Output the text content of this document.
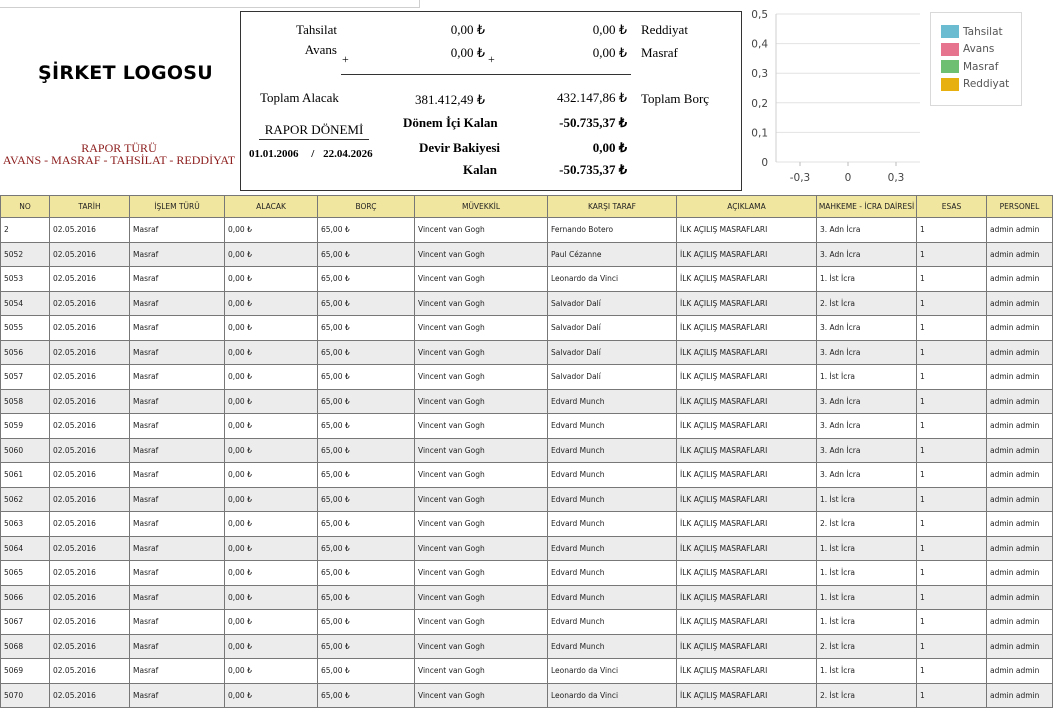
ŞİRKET LOGOSU
RAPOR TÜRÜ
AVANS - MASRAF - TAHSİLAT - REDDİYAT
Tahsilat	0,00 ₺	0,00 ₺ Reddiyat
Avans	0,00 ₺	0,00 ₺ Masraf
+	+
Toplam Alacak	381.412,49 ₺	432.147,86 ₺ Toplam Borç
Dönem İçi Kalan	-50.735,37 ₺
RAPOR DÖNEMİ
Devir Bakiyesi	0,00 ₺
01.01.2006 / 22.04.2026
Kalan	-50.735,37 ₺
0,5
0,4
0,3
0,2
0,1
0
-0,3	0	0,3
Tahsilat
Avans
Masraf
Reddiyat
NO	TARİH	İŞLEM TÜRÜ	ALACAK	BORÇ	MÜVEKKİL	KARŞI TARAF	AÇIKLAMA	MAHKEME - İCRA DAİRESİ	ESAS	PERSONEL
2	02.05.2016	Masraf	0,00 ₺	65,00 ₺	Vincent van Gogh	Fernando Botero	İLK AÇILIŞ MASRAFLARI	3. Adn İcra	1	admin admin
5052	02.05.2016	Masraf	0,00 ₺	65,00 ₺	Vincent van Gogh	Paul Cézanne	İLK AÇILIŞ MASRAFLARI	3. Adn İcra	1	admin admin
5053	02.05.2016	Masraf	0,00 ₺	65,00 ₺	Vincent van Gogh	Leonardo da Vinci	İLK AÇILIŞ MASRAFLARI	1. İst İcra	1	admin admin
5054	02.05.2016	Masraf	0,00 ₺	65,00 ₺	Vincent van Gogh	Salvador Dalí	İLK AÇILIŞ MASRAFLARI	2. İst İcra	1	admin admin
5055	02.05.2016	Masraf	0,00 ₺	65,00 ₺	Vincent van Gogh	Salvador Dalí	İLK AÇILIŞ MASRAFLARI	3. Adn İcra	1	admin admin
5056	02.05.2016	Masraf	0,00 ₺	65,00 ₺	Vincent van Gogh	Salvador Dalí	İLK AÇILIŞ MASRAFLARI	3. Adn İcra	1	admin admin
5057	02.05.2016	Masraf	0,00 ₺	65,00 ₺	Vincent van Gogh	Salvador Dalí	İLK AÇILIŞ MASRAFLARI	1. İst İcra	1	admin admin
5058	02.05.2016	Masraf	0,00 ₺	65,00 ₺	Vincent van Gogh	Edvard Munch	İLK AÇILIŞ MASRAFLARI	3. Adn İcra	1	admin admin
5059	02.05.2016	Masraf	0,00 ₺	65,00 ₺	Vincent van Gogh	Edvard Munch	İLK AÇILIŞ MASRAFLARI	3. Adn İcra	1	admin admin
5060	02.05.2016	Masraf	0,00 ₺	65,00 ₺	Vincent van Gogh	Edvard Munch	İLK AÇILIŞ MASRAFLARI	3. Adn İcra	1	admin admin
5061	02.05.2016	Masraf	0,00 ₺	65,00 ₺	Vincent van Gogh	Edvard Munch	İLK AÇILIŞ MASRAFLARI	3. Adn İcra	1	admin admin
5062	02.05.2016	Masraf	0,00 ₺	65,00 ₺	Vincent van Gogh	Edvard Munch	İLK AÇILIŞ MASRAFLARI	1. İst İcra	1	admin admin
5063	02.05.2016	Masraf	0,00 ₺	65,00 ₺	Vincent van Gogh	Edvard Munch	İLK AÇILIŞ MASRAFLARI	2. İst İcra	1	admin admin
5064	02.05.2016	Masraf	0,00 ₺	65,00 ₺	Vincent van Gogh	Edvard Munch	İLK AÇILIŞ MASRAFLARI	1. İst İcra	1	admin admin
5065	02.05.2016	Masraf	0,00 ₺	65,00 ₺	Vincent van Gogh	Edvard Munch	İLK AÇILIŞ MASRAFLARI	1. İst İcra	1	admin admin
5066	02.05.2016	Masraf	0,00 ₺	65,00 ₺	Vincent van Gogh	Edvard Munch	İLK AÇILIŞ MASRAFLARI	1. İst İcra	1	admin admin
5067	02.05.2016	Masraf	0,00 ₺	65,00 ₺	Vincent van Gogh	Edvard Munch	İLK AÇILIŞ MASRAFLARI	1. İst İcra	1	admin admin
5068	02.05.2016	Masraf	0,00 ₺	65,00 ₺	Vincent van Gogh	Edvard Munch	İLK AÇILIŞ MASRAFLARI	2. İst İcra	1	admin admin
5069	02.05.2016	Masraf	0,00 ₺	65,00 ₺	Vincent van Gogh	Leonardo da Vinci	İLK AÇILIŞ MASRAFLARI	1. İst İcra	1	admin admin
5070	02.05.2016	Masraf	0,00 ₺	65,00 ₺	Vincent van Gogh	Leonardo da Vinci	İLK AÇILIŞ MASRAFLARI	2. İst İcra	1	admin admin
